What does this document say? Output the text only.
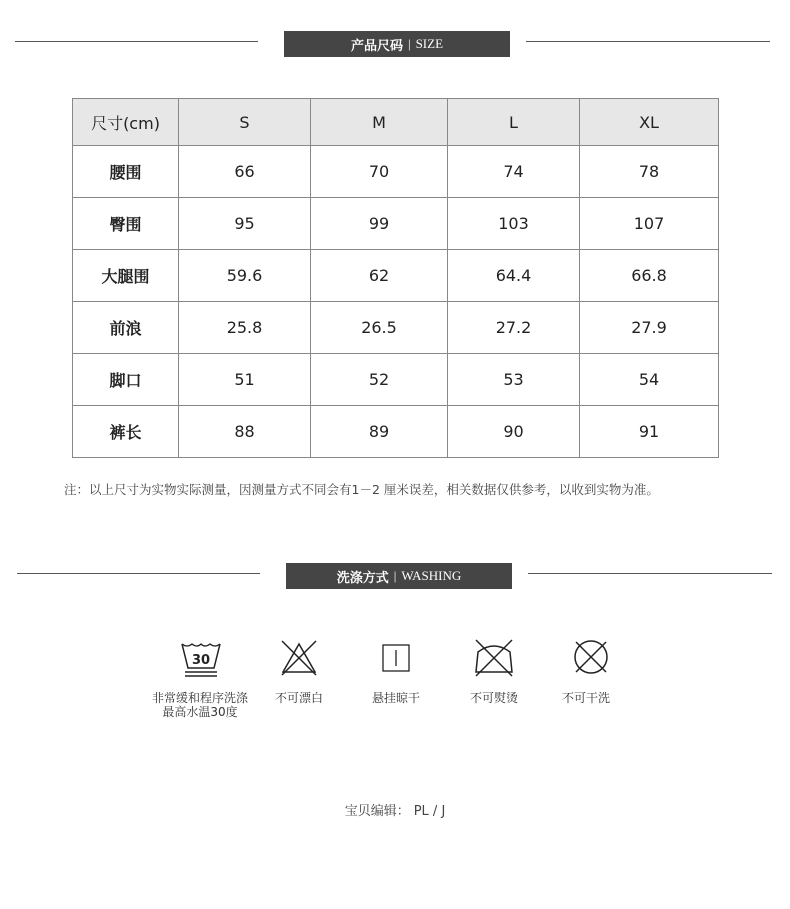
产品尺码 | SIZE
尺寸(cm)	S	M	L	XL
腰围	66	70	74	78
臀围	95	99	103	107
大腿围	59.6	62	64.4	66.8
前浪	25.8	26.5	27.2	27.9
脚口	51	52	53	54
裤长	88	89	90	91
注：以上尺寸为实物实际测量，因测量方式不同会有1－2 厘米误差，相关数据仅供参考，以收到实物为准。
洗涤方式 | WASHING
30
非常缓和程序洗涤
最高水温30度
不可漂白	悬挂晾干	不可熨烫	不可干洗
宝贝编辑： PL / J
